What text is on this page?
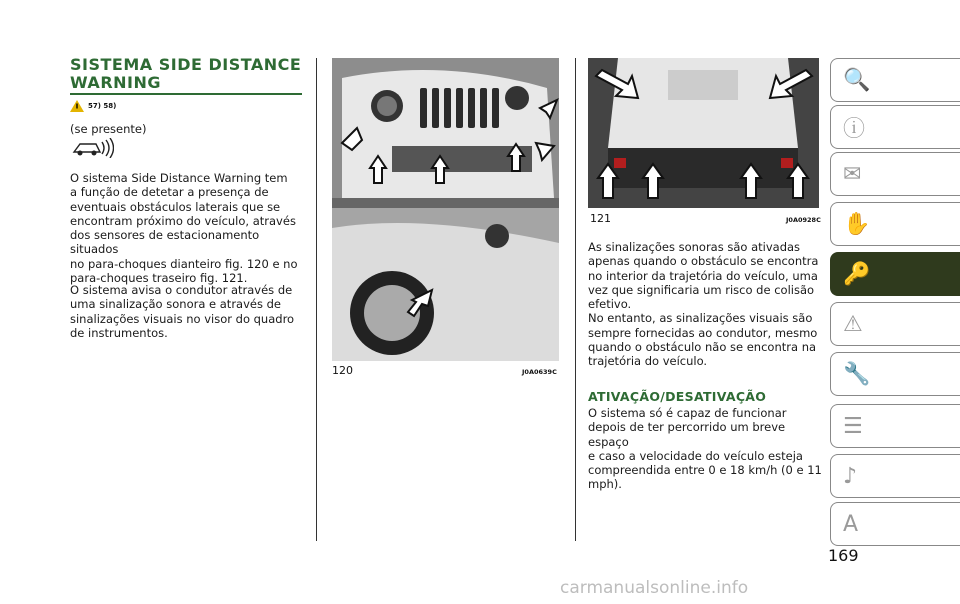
SISTEMA SIDE DISTANCE
WARNING
57) 58)
(se presente)
O sistema Side Distance Warning tem
a função de detetar a presença de
eventuais obstáculos laterais que se
encontram próximo do veículo, através
dos sensores de estacionamento situados
no para-choques dianteiro fig. 120 e no
para-choques traseiro fig. 121.
O sistema avisa o condutor através de
uma sinalização sonora e através de
sinalizações visuais no visor do quadro
de instrumentos.
120	J0A0639C
121	J0A0928C
As sinalizações sonoras são ativadas
apenas quando o obstáculo se encontra
no interior da trajetória do veículo, uma
vez que significaria um risco de colisão
efetivo.
No entanto, as sinalizações visuais são
sempre fornecidas ao condutor, mesmo
quando o obstáculo não se encontra na
trajetória do veículo.
ATIVAÇÃO/DESATIVAÇÃO
O sistema só é capaz de funcionar
depois de ter percorrido um breve espaço
e caso a velocidade do veículo esteja
compreendida entre 0 e 18 km/h (0 e 11
mph).
🔍
ⓘ
✉
✋
🔑
⚠
🔧
☰
♪
A
169
carmanualsonline.info
